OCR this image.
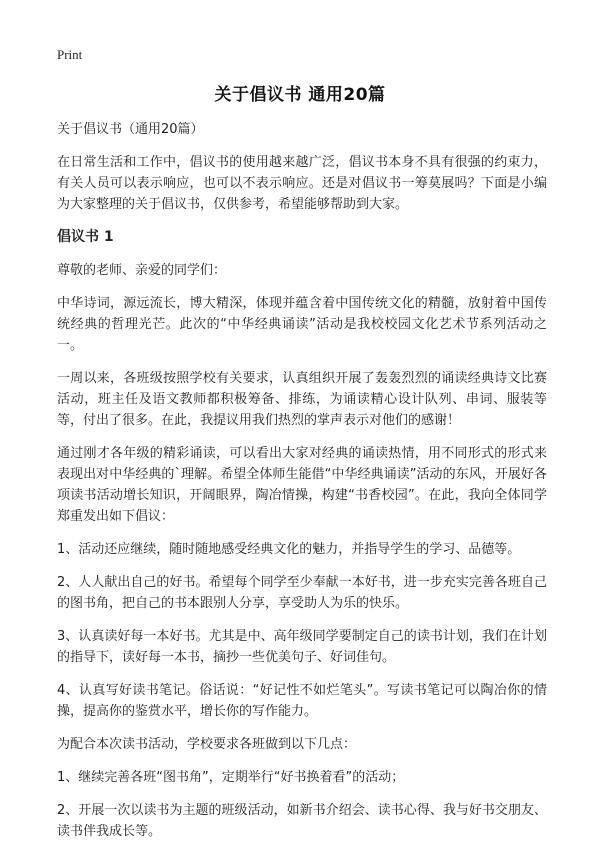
Print
关于倡议书 通用20篇

关于倡议书（通用20篇）

在日常生活和工作中，倡议书的使用越来越广泛，倡议书本身不具有很强的约束力，有关人员可以表示响应，也可以不表示响应。还是对倡议书一筹莫展吗？下面是小编为大家整理的关于倡议书，仅供参考，希望能够帮助到大家。

倡议书 1

尊敬的老师、亲爱的同学们：

中华诗词，源远流长，博大精深，体现并蕴含着中国传统文化的精髓，放射着中国传统经典的哲理光芒。此次的“中华经典诵读”活动是我校校园文化艺术节系列活动之一。

一周以来，各班级按照学校有关要求，认真组织开展了轰轰烈烈的诵读经典诗文比赛活动，班主任及语文教师都积极筹备、排练，为诵读精心设计队列、串词、服装等等，付出了很多。在此，我提议用我们热烈的掌声表示对他们的感谢！

通过刚才各年级的精彩诵读，可以看出大家对经典的诵读热情，用不同形式的形式来表现出对中华经典的`理解。希望全体师生能借“中华经典诵读”活动的东风，开展好各项读书活动增长知识，开阔眼界，陶冶情操，构建“书香校园”。在此，我向全体同学郑重发出如下倡议：

1、活动还应继续，随时随地感受经典文化的魅力，并指导学生的学习、品德等。

2、人人献出自己的好书。希望每个同学至少奉献一本好书，进一步充实完善各班自己的图书角，把自己的书本跟别人分享，享受助人为乐的快乐。

3、认真读好每一本好书。尤其是中、高年级同学要制定自己的读书计划，我们在计划的指导下，读好每一本书，摘抄一些优美句子、好词佳句。

4、认真写好读书笔记。俗话说：“好记性不如烂笔头”。写读书笔记可以陶冶你的情操，提高你的鉴赏水平，增长你的写作能力。

为配合本次读书活动，学校要求各班做到以下几点：

1、继续完善各班“图书角”，定期举行“好书换着看”的活动；

2、开展一次以读书为主题的班级活动，如新书介绍会、读书心得、我与好书交朋友、读书伴我成长等。
